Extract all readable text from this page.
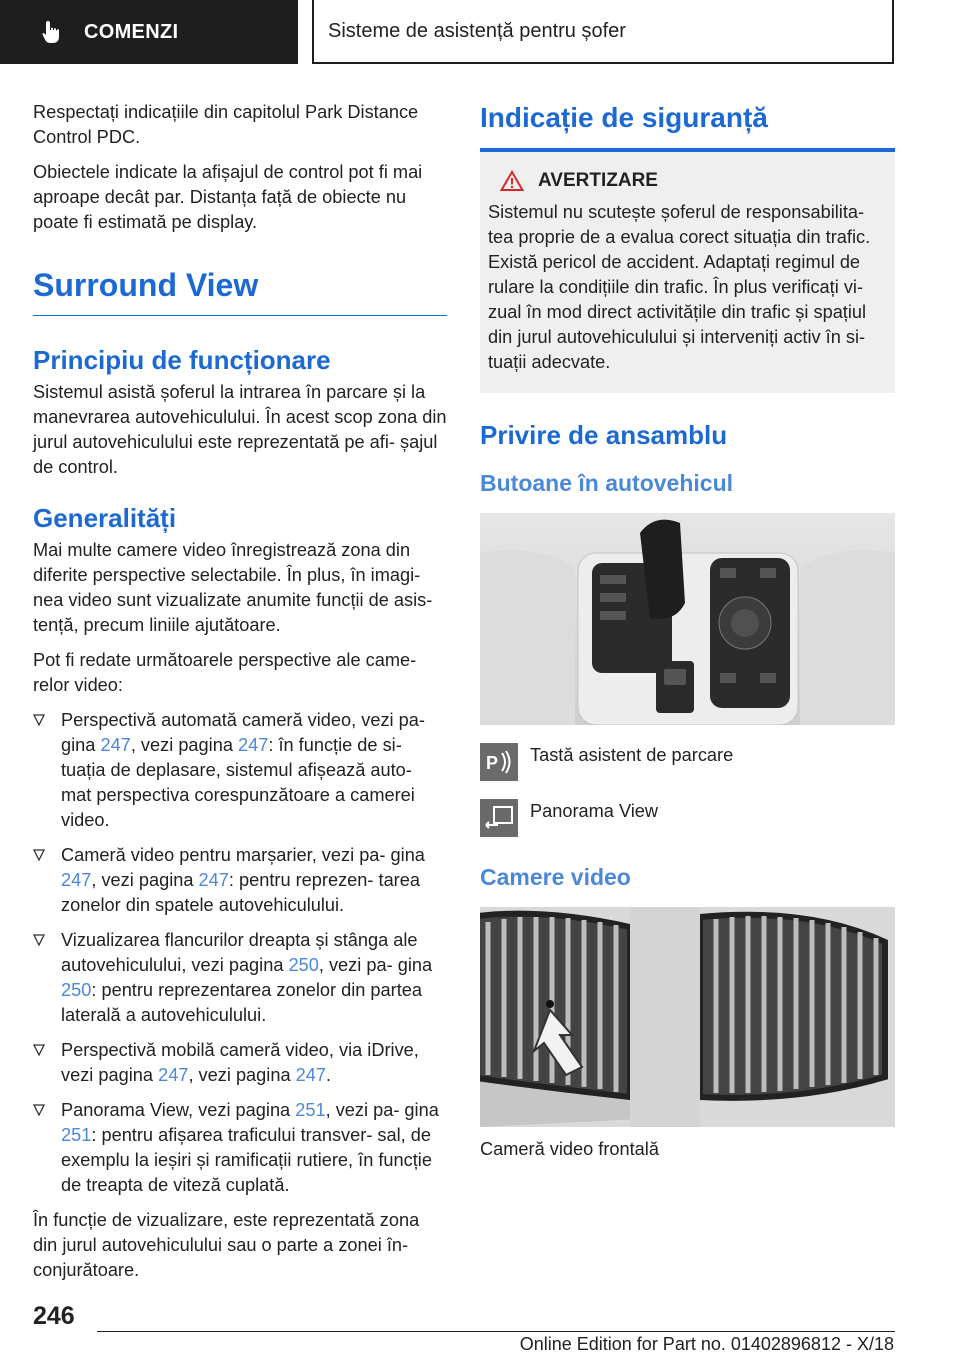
COMENZI	Sisteme de asistență pentru șofer

Respectați indicațiile din capitolul Park Distance Control PDC.

Obiectele indicate la afișajul de control pot fi mai aproape decât par. Distanța față de obiecte nu poate fi estimată pe display.

Surround View
Principiu de funcționare

Sistemul asistă șoferul la intrarea în parcare și la manevrarea autovehiculului. În acest scop zona din jurul autovehiculului este reprezentată pe afi- șajul de control.

Generalități

Mai multe camere video înregistrează zona din diferite perspective selectabile. În plus, în imagi- nea video sunt vizualizate anumite funcții de asis- tență, precum liniile ajutătoare.

Pot fi redate următoarele perspective ale came- relor video:

Perspectivă automată cameră video, vezi pa- gina 247, vezi pagina 247: în funcție de si- tuația de deplasare, sistemul afișează auto- mat perspectiva corespunzătoare a camerei video.
Cameră video pentru marșarier, vezi pa- gina 247, vezi pagina 247: pentru reprezen- tarea zonelor din spatele autovehiculului.
Vizualizarea flancurilor dreapta și stânga ale autovehiculului, vezi pagina 250, vezi pa- gina 250: pentru reprezentarea zonelor din partea laterală a autovehiculului.
Perspectivă mobilă cameră video, via iDrive, vezi pagina 247, vezi pagina 247.
Panorama View, vezi pagina 251, vezi pa- gina 251: pentru afișarea traficului transver- sal, de exemplu la ieșiri și ramificații rutiere, în funcție de treapta de viteză cuplată.

În funcție de vizualizare, este reprezentată zona din jurul autovehiculului sau o parte a zonei în- conjurătoare.

Indicație de siguranță
AVERTIZARE

Sistemul nu scutește șoferul de responsabilita- tea proprie de a evalua corect situația din trafic. Există pericol de accident. Adaptați regimul de rulare la condițiile din trafic. În plus verificați vi- zual în mod direct activitățile din trafic și spațiul din jurul autovehiculului și interveniți activ în si- tuații adecvate.

Privire de ansamblu
Butoane în autovehicul
P Tastă asistent de parcare

Panorama View

Camere video

Cameră video frontală

246
Online Edition for Part no. 01402896812 - X/18
